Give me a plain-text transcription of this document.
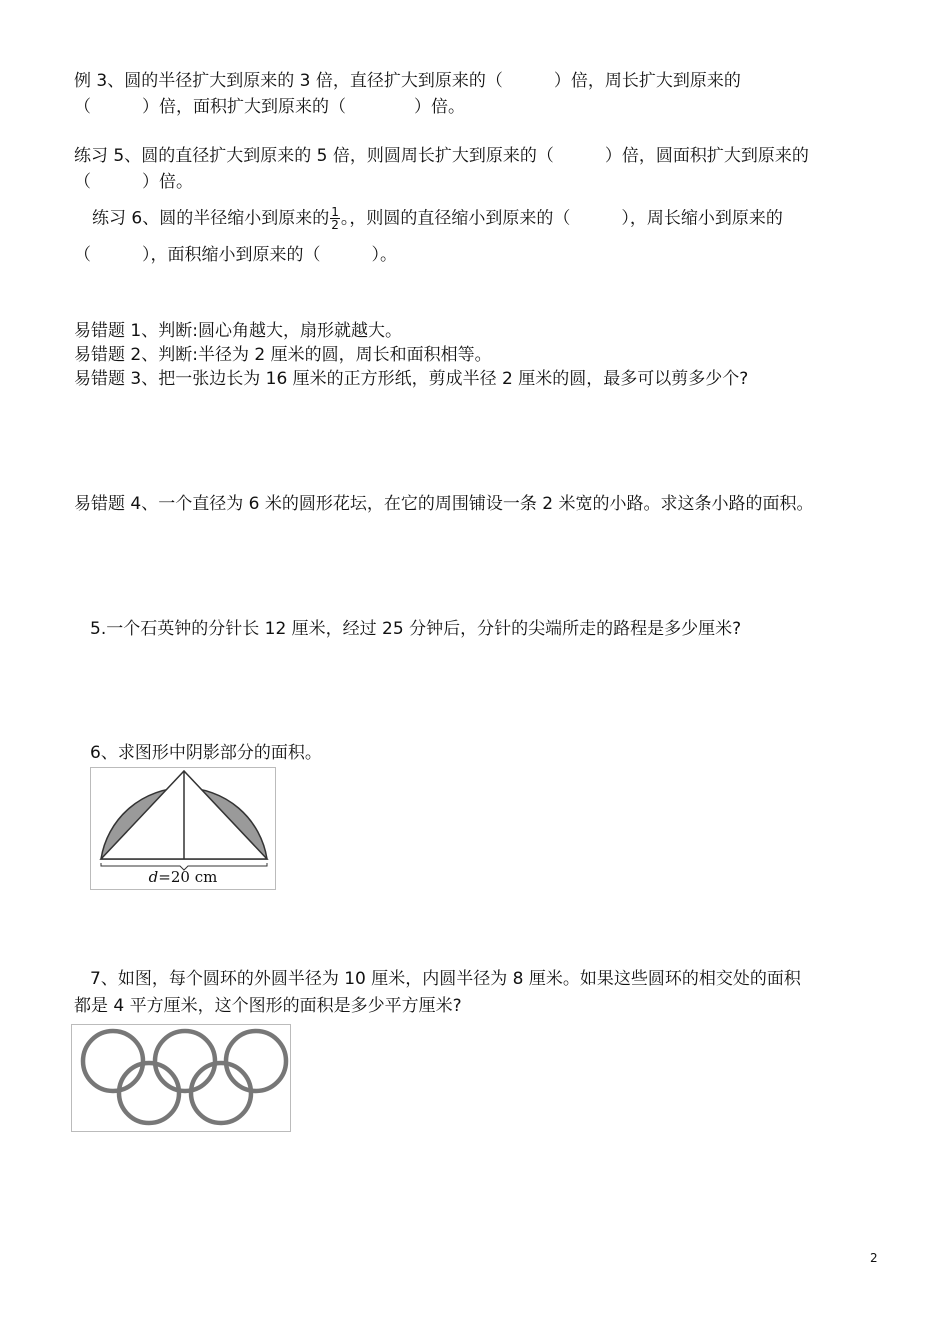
例 3、圆的半径扩大到原来的 3 倍，直径扩大到原来的（　　　）倍，周长扩大到原来的
（　　　）倍，面积扩大到原来的（　　　　）倍。
练习 5、圆的直径扩大到原来的 5 倍，则圆周长扩大到原来的（　　　）倍，圆面积扩大到原来的
（　　　）倍。
练习 6、圆的半径缩小到原来的 $\frac{1}{2}$ 。，则圆的直径缩小到原来的（　　　），周长缩小到原来的
（　　　），面积缩小到原来的（　　　）。
易错题 1、判断:圆心角越大，扇形就越大。
易错题 2、判断:半径为 2 厘米的圆，周长和面积相等。
易错题 3、把一张边长为 16 厘米的正方形纸，剪成半径 2 厘米的圆，最多可以剪多少个?
易错题 4、一个直径为 6 米的圆形花坛，在它的周围铺设一条 2 米宽的小路。求这条小路的面积。
5.一个石英钟的分针长 12 厘米，经过 25 分钟后，分针的尖端所走的路程是多少厘米?
6、求图形中阴影部分的面积。
d=20 cm
7、如图，每个圆环的外圆半径为 10 厘米，内圆半径为 8 厘米。如果这些圆环的相交处的面积
都是 4 平方厘米，这个图形的面积是多少平方厘米?
2
